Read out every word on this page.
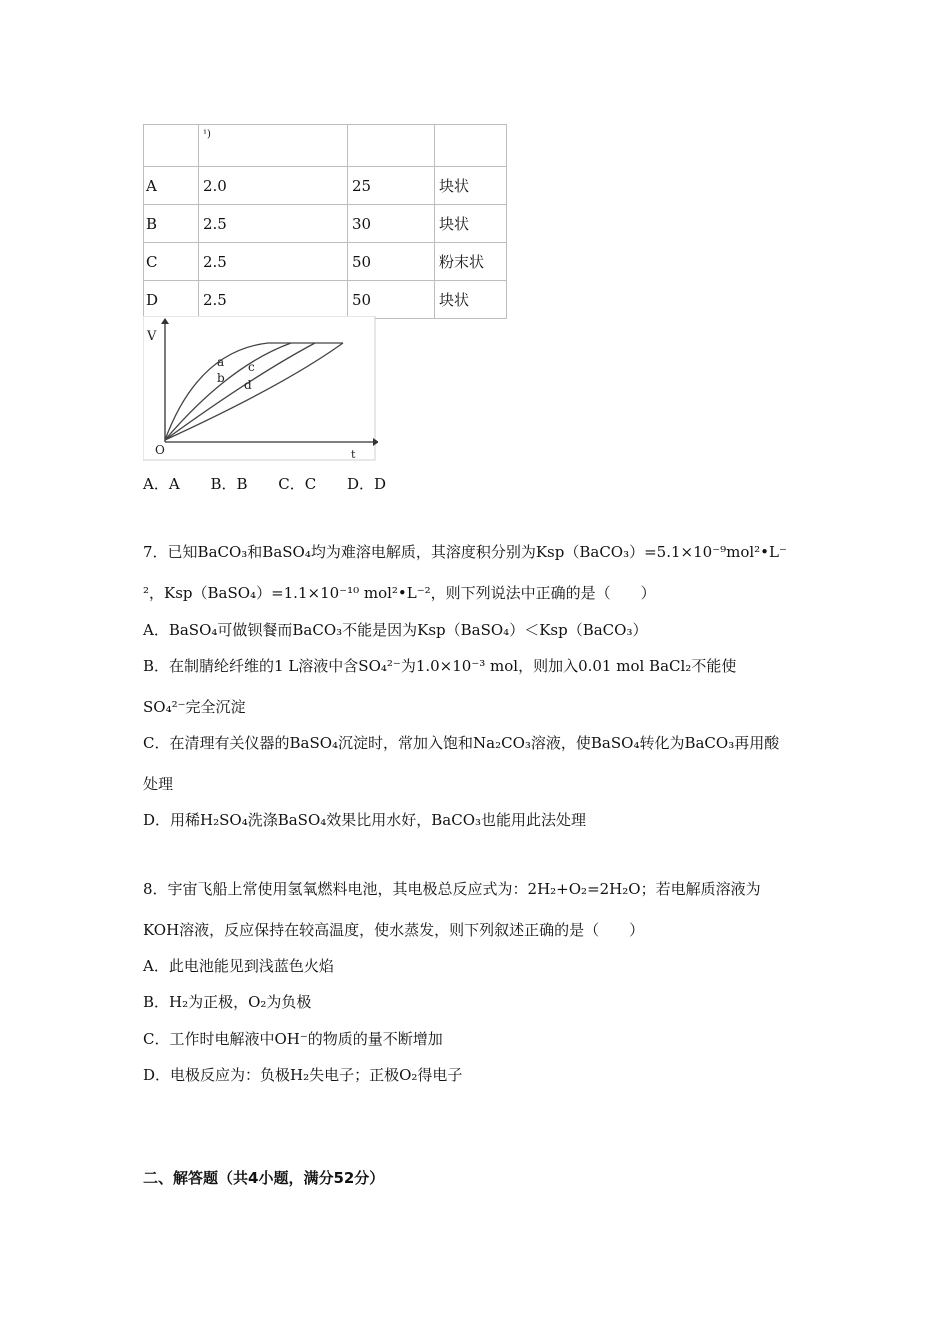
	¹)		
A	2.0	25	块状
B	2.5	30	块状
C	2.5	50	粉末状
D	2.5	50	块状
V
t
O
a
b
c
d
A．A B．B C．C D．D
7．已知BaCO₃和BaSO₄均为难溶电解质，其溶度积分别为Ksp（BaCO₃）=5.1×10⁻⁹mol²•L⁻
²，Ksp（BaSO₄）=1.1×10⁻¹⁰ mol²•L⁻²，则下列说法中正确的是（　　）
A．BaSO₄可做钡餐而BaCO₃不能是因为Ksp（BaSO₄）＜Ksp（BaCO₃）
B．在制腈纶纤维的1 L溶液中含SO₄²⁻为1.0×10⁻³ mol，则加入0.01 mol BaCl₂不能使
SO₄²⁻完全沉淀
C．在清理有关仪器的BaSO₄沉淀时，常加入饱和Na₂CO₃溶液，使BaSO₄转化为BaCO₃再用酸
处理
D．用稀H₂SO₄洗涤BaSO₄效果比用水好，BaCO₃也能用此法处理
8．宇宙飞船上常使用氢氧燃料电池，其电极总反应式为：2H₂+O₂=2H₂O；若电解质溶液为
KOH溶液，反应保持在较高温度，使水蒸发，则下列叙述正确的是（　　）
A．此电池能见到浅蓝色火焰
B．H₂为正极，O₂为负极
C．工作时电解液中OH⁻的物质的量不断增加
D．电极反应为：负极H₂失电子；正极O₂得电子
二、解答题（共4小题，满分52分）
